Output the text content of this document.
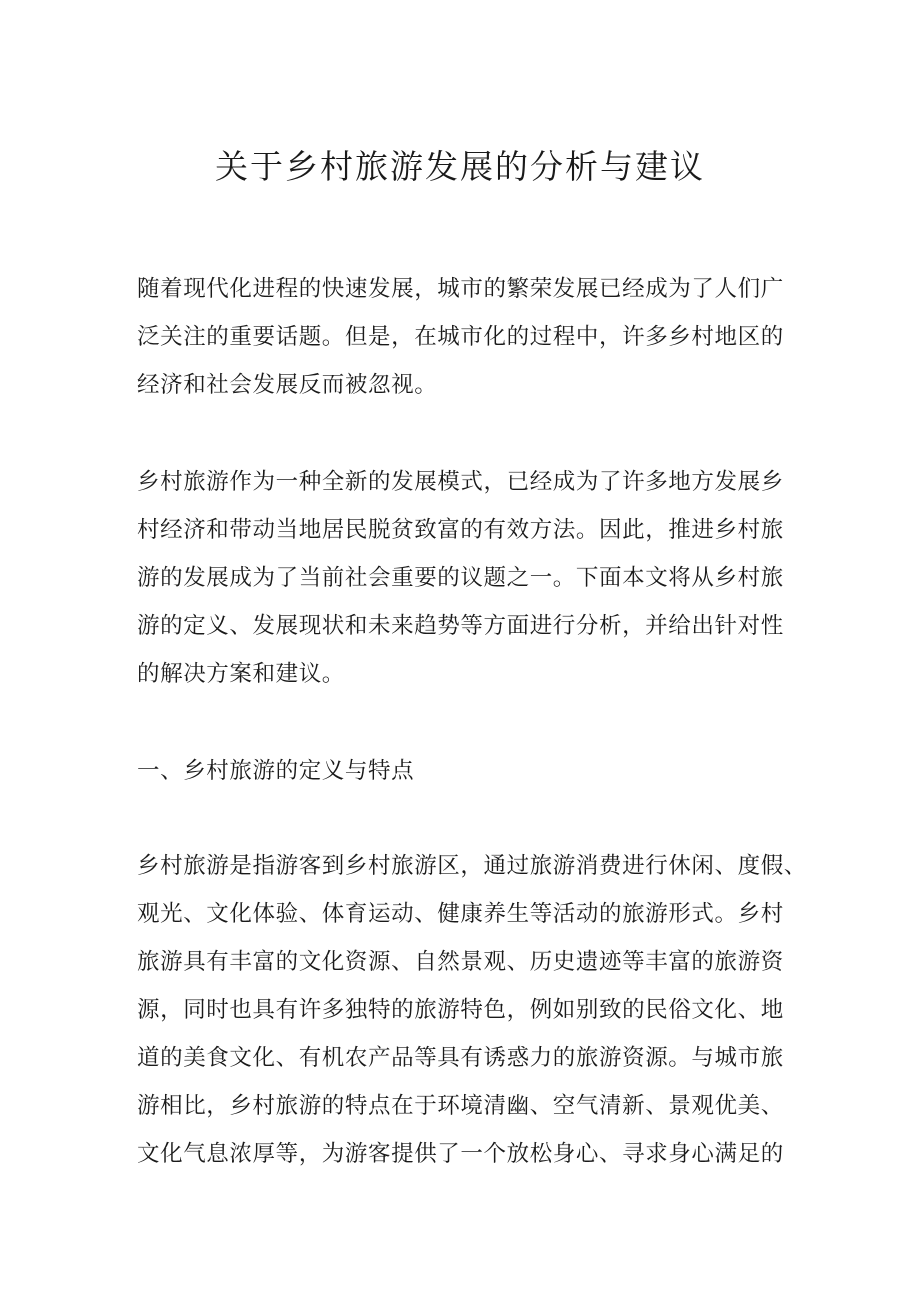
关于乡村旅游发展的分析与建议

随着现代化进程的快速发展，城市的繁荣发展已经成为了人们广

泛关注的重要话题。但是，在城市化的过程中，许多乡村地区的

经济和社会发展反而被忽视。

乡村旅游作为一种全新的发展模式，已经成为了许多地方发展乡

村经济和带动当地居民脱贫致富的有效方法。因此，推进乡村旅

游的发展成为了当前社会重要的议题之一。下面本文将从乡村旅

游的定义、发展现状和未来趋势等方面进行分析，并给出针对性

的解决方案和建议。

一、乡村旅游的定义与特点

乡村旅游是指游客到乡村旅游区，通过旅游消费进行休闲、度假、

观光、文化体验、体育运动、健康养生等活动的旅游形式。乡村

旅游具有丰富的文化资源、自然景观、历史遗迹等丰富的旅游资

源，同时也具有许多独特的旅游特色，例如别致的民俗文化、地

道的美食文化、有机农产品等具有诱惑力的旅游资源。与城市旅

游相比，乡村旅游的特点在于环境清幽、空气清新、景观优美、

文化气息浓厚等，为游客提供了一个放松身心、寻求身心满足的
